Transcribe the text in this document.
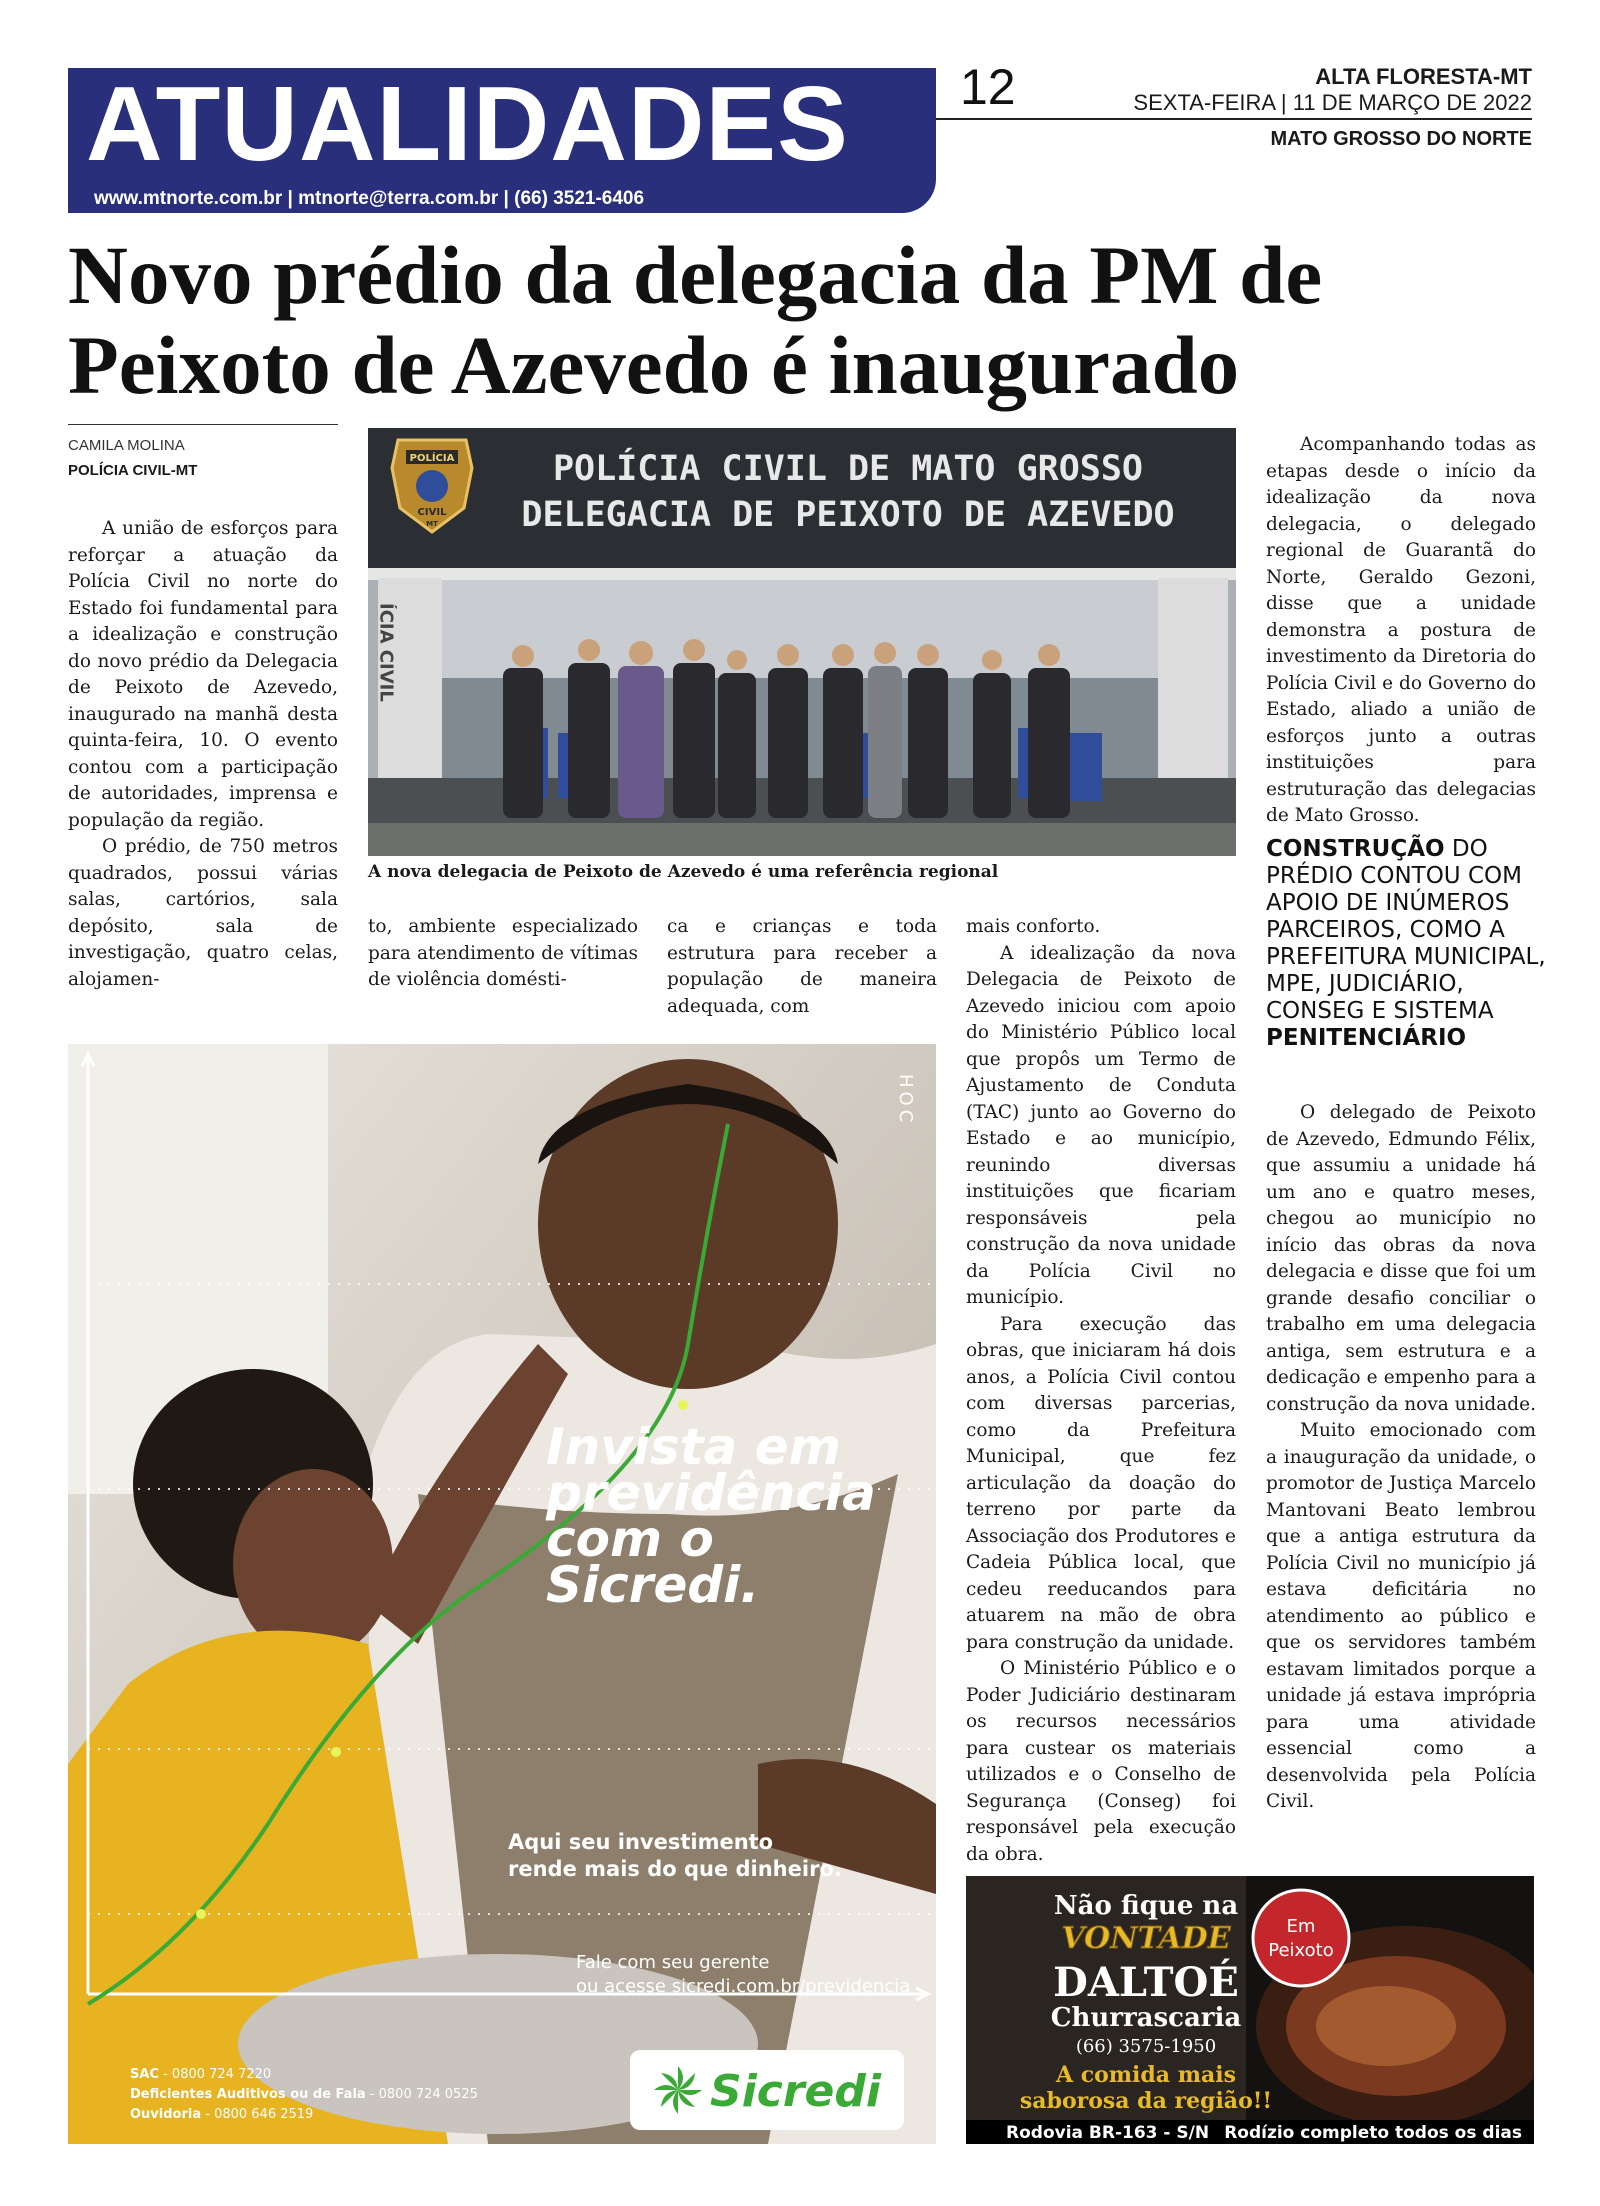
ATUALIDADES
www.mtnorte.com.br | mtnorte@terra.com.br | (66) 3521-6406
12	ALTA FLORESTA-MT
SEXTA-FEIRA | 11 DE MARÇO DE 2022
MATO GROSSO DO NORTE
Novo prédio da delegacia da PM de Peixoto de Azevedo é inaugurado
CAMILA MOLINA
POLÍCIA CIVIL-MT

A união de esforços para reforçar a atuação da Polícia Civil no norte do Estado foi fundamental para a idealização e construção do novo prédio da Delegacia de Peixoto de Azevedo, inaugurado na manhã desta quinta-feira, 10. O evento contou com a participação de autoridades, imprensa e população da região.

O prédio, de 750 metros quadrados, possui várias salas, cartórios, sala depósito, sala de investigação, quatro celas, alojamen-

POLÍCIA
CIVIL
MT
POLÍCIA CIVIL DE MATO GROSSO
DELEGACIA DE PEIXOTO DE AZEVEDO
ÍCIA CIVIL
A nova delegacia de Peixoto de Azevedo é uma referência regional

to, ambiente especializado para atendimento de vítimas de violência domésti-

ca e crianças e toda estrutura para receber a população de maneira adequada, com

mais conforto.

A idealização da nova Delegacia de Peixoto de Azevedo iniciou com apoio do Ministério Público local que propôs um Termo de Ajustamento de Conduta (TAC) junto ao Governo do Estado e ao município, reunindo diversas instituições que ficariam responsáveis pela construção da nova unidade da Polícia Civil no município.

Para execução das obras, que iniciaram há dois anos, a Polícia Civil contou com diversas parcerias, como da Prefeitura Municipal, que fez articulação da doação do terreno por parte da Associação dos Produtores e Cadeia Pública local, que cedeu reeducandos para atuarem na mão de obra para construção da unidade.

O Ministério Público e o Poder Judiciário destinaram os recursos necessários para custear os materiais utilizados e o Conselho de Segurança (Conseg) foi responsável pela execução da obra.

Acompanhando todas as etapas desde o início da idealização da nova delegacia, o delegado regional de Guarantã do Norte, Geraldo Gezoni, disse que a unidade demonstra a postura de investimento da Diretoria do Polícia Civil e do Governo do Estado, aliado a união de esforços junto a outras instituições para estruturação das delegacias de Mato Grosso.

CONSTRUÇÃO DO PRÉDIO CONTOU COM APOIO DE INÚMEROS PARCEIROS, COMO A PREFEITURA MUNICIPAL, MPE, JUDICIÁRIO, CONSEG E SISTEMA PENITENCIÁRIO

O delegado de Peixoto de Azevedo, Edmundo Félix, que assumiu a unidade há um ano e quatro meses, chegou ao município no início das obras da nova delegacia e disse que foi um grande desafio conciliar o trabalho em uma delegacia antiga, sem estrutura e a dedicação e empenho para a construção da nova unidade.

Muito emocionado com a inauguração da unidade, o promotor de Justiça Marcelo Mantovani Beato lembrou que a antiga estrutura da Polícia Civil no município já estava deficitária no atendimento ao público e que os servidores também estavam limitados porque a unidade já estava imprópria para uma atividade essencial como a desenvolvida pela Polícia Civil.

HOC
Invista em
previdência
com o
Sicredi.
Aqui seu investimento
rende mais do que dinheiro.
Fale com seu gerente
ou acesse sicredi.com.br/previdencia
SAC - 0800 724 7220
Deficientes Auditivos ou de Fala - 0800 724 0525
Ouvidoria - 0800 646 2519	Sicredi
Não fique na
VONTADE
DALTOÉ
Churrascaria
(66) 3575-1950
A comida mais
saborosa da região!!
Em
Peixoto
Rodovia BR-163 - S/N Rodízio completo todos os dias
